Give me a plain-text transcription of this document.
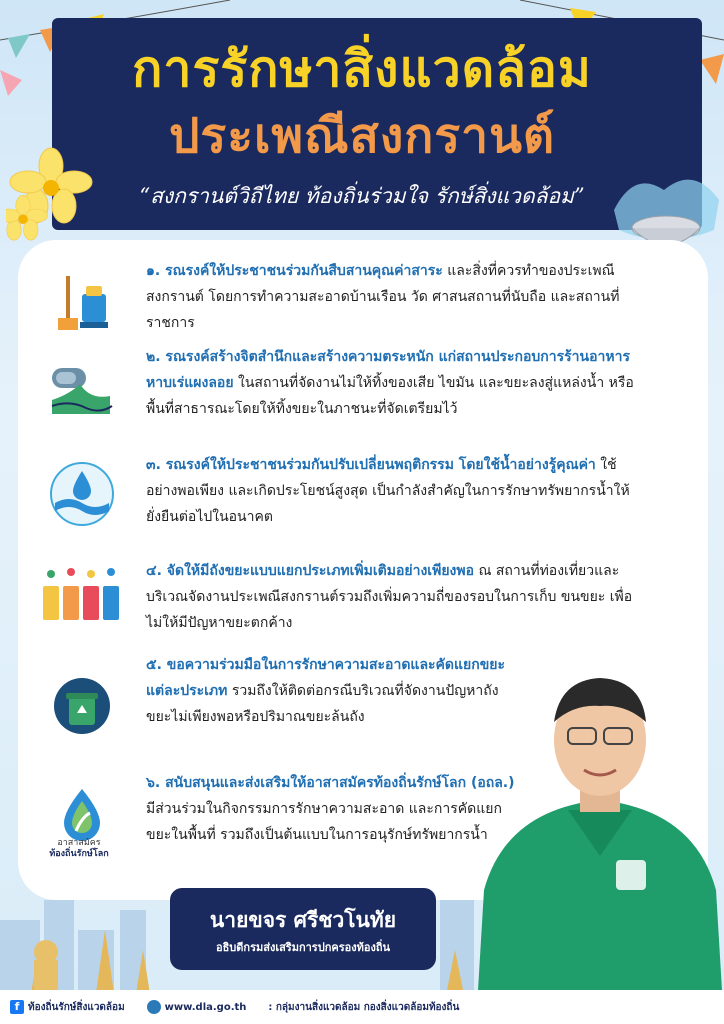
การรักษาสิ่งแวดล้อม
ประเพณีสงกรานต์
“สงกรานต์วิถีไทย ท้องถิ่นร่วมใจ รักษ์สิ่งแวดล้อม”
๑. รณรงค์ให้ประชาชนร่วมกันสืบสานคุณค่าสาระ และสิ่งที่ควรทำของประเพณีสงกรานต์ โดยการทำความสะอาดบ้านเรือน วัด ศาสนสถานที่นับถือ และสถานที่ราชการ
๒. รณรงค์สร้างจิตสำนึกและสร้างความตระหนัก แก่สถานประกอบการร้านอาหาร หาบเร่แผงลอย ในสถานที่จัดงานไม่ให้ทิ้งของเสีย ไขมัน และขยะลงสู่แหล่งน้ำ หรือพื้นที่สาธารณะโดยให้ทิ้งขยะในภาชนะที่จัดเตรียมไว้
๓. รณรงค์ให้ประชาชนร่วมกันปรับเปลี่ยนพฤติกรรม โดยใช้น้ำอย่างรู้คุณค่า ใช้อย่างพอเพียง และเกิดประโยชน์สูงสุด เป็นกำลังสำคัญในการรักษาทรัพยากรน้ำให้ยั่งยืนต่อไปในอนาคต
๔. จัดให้มีถังขยะแบบแยกประเภทเพิ่มเติมอย่างเพียงพอ ณ สถานที่ท่องเที่ยวและบริเวณจัดงานประเพณีสงกรานต์รวมถึงเพิ่มความถี่ของรอบในการเก็บ ขนขยะ เพื่อไม่ให้มีปัญหาขยะตกค้าง
๕. ขอความร่วมมือในการรักษาความสะอาดและคัดแยกขยะแต่ละประเภท รวมถึงให้ติดต่อกรณีบริเวณที่จัดงานปัญหาถังขยะไม่เพียงพอหรือปริมาณขยะล้นถัง
๖. สนับสนุนและส่งเสริมให้อาสาสมัครท้องถิ่นรักษ์โลก (อถล.) มีส่วนร่วมในกิจกรรมการรักษาความสะอาด และการคัดแยกขยะในพื้นที่ รวมถึงเป็นต้นแบบในการอนุรักษ์ทรัพยากรน้ำ
อาสาสมัคร
ท้องถิ่นรักษ์โลก
นายขจร ศรีชวโนทัย
อธิบดีกรมส่งเสริมการปกครองท้องถิ่น
f ท้องถิ่นรักษ์สิ่งแวดล้อม	www.dla.go.th : กลุ่มงานสิ่งแวดล้อม กองสิ่งแวดล้อมท้องถิ่น
